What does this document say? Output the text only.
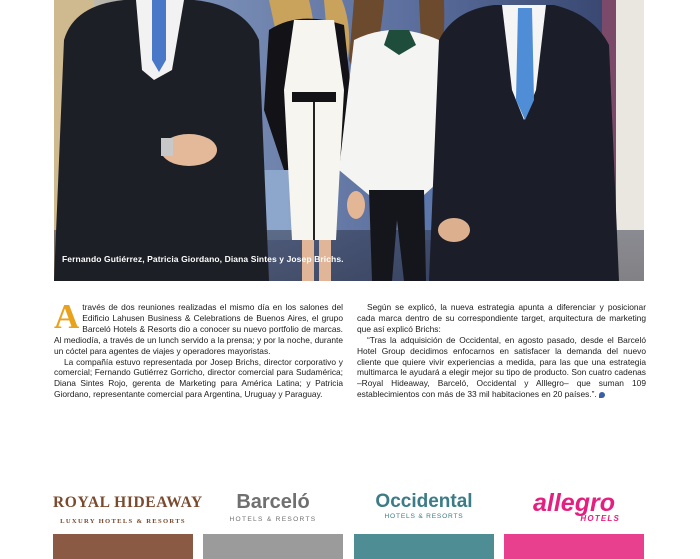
Fernando Gutiérrez, Patricia Giordano, Diana Sintes y Josep Brichs.

Através de dos reuniones realizadas el mismo día en los salones del Edificio Lahusen Business & Celebrations de Buenos Aires, el grupo Barceló Hotels & Resorts dio a conocer su nuevo portfolio de marcas. Al mediodía, a través de un lunch servido a la prensa; y por la noche, durante un cóctel para agentes de viajes y operadores mayoristas.

La compañía estuvo representada por Josep Brichs, director corporativo y comercial; Fernando Gutiérrez Gorricho, director comercial para Sudamérica; Diana Sintes Rojo, gerenta de Marketing para América Latina; y Patricia Giordano, representante comercial para Argentina, Uruguay y Paraguay.

Según se explicó, la nueva estrategia apunta a diferenciar y posicionar cada marca dentro de su correspondiente target, arquitectura de marketing que así explicó Brichs:

“Tras la adquisición de Occidental, en agosto pasado, desde el Barceló Hotel Group decidimos enfocarnos en satisfacer la demanda del nuevo cliente que quiere vivir experiencias a medida, para las que una estrategia multimarca le ayudará a elegir mejor su tipo de producto. Son cuatro cadenas –Royal Hideaway, Barceló, Occidental y Alllegro– que suman 109 establecimientos con más de 33 mil habitaciones en 20 países.”.

ROYAL HIDEAWAY
LUXURY HOTELS & RESORTS
Barceló
HOTELS & RESORTS
Occidental
HOTELS & RESORTS	allegro
HOTELS
